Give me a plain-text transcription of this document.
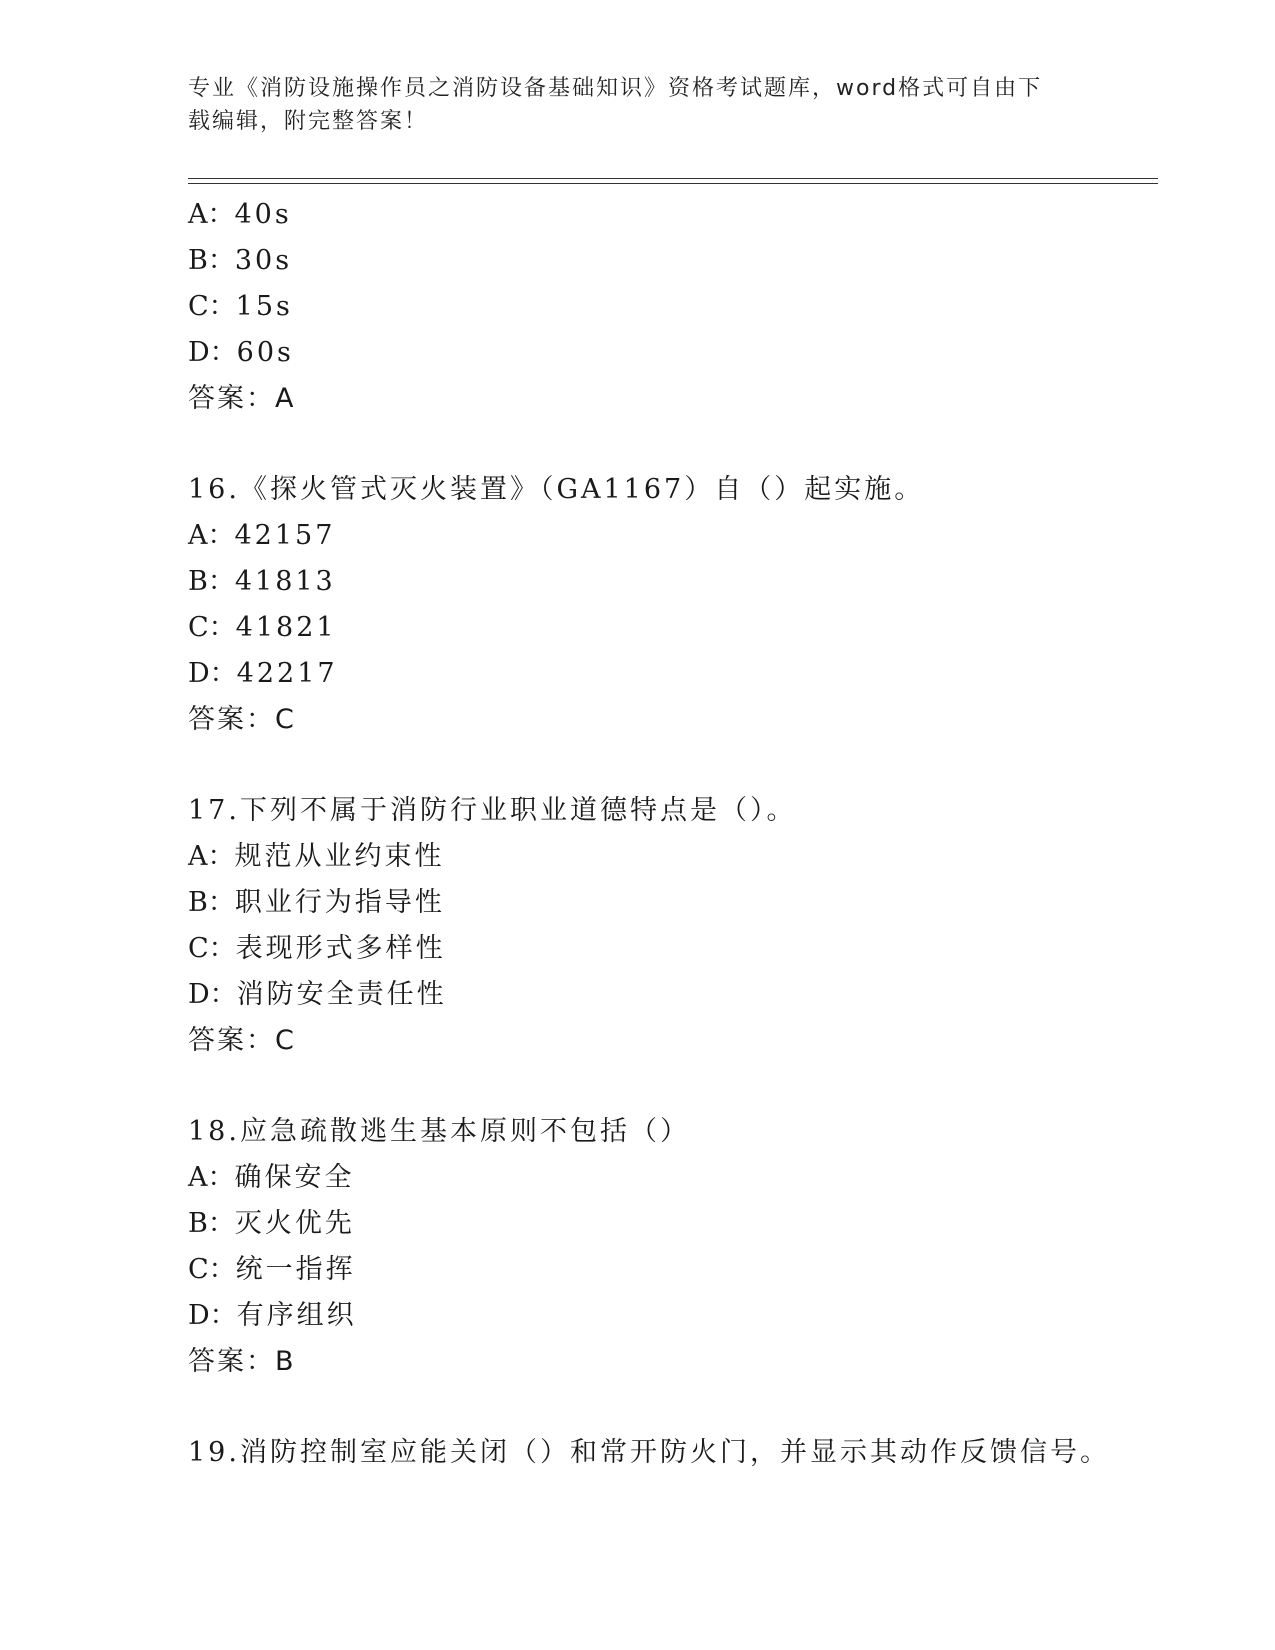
专业《消防设施操作员之消防设备基础知识》资格考试题库，word格式可自由下
载编辑，附完整答案！
A：40s
B：30s
C：15s
D：60s
答案：A
16.《探火管式灭火装置》（GA1167）自（）起实施。
A：42157
B：41813
C：41821
D：42217
答案：C
17.下列不属于消防行业职业道德特点是（）。
A：规范从业约束性
B：职业行为指导性
C：表现形式多样性
D：消防安全责任性
答案：C
18.应急疏散逃生基本原则不包括（）
A：确保安全
B：灭火优先
C：统一指挥
D：有序组织
答案：B
19.消防控制室应能关闭（）和常开防火门，并显示其动作反馈信号。
